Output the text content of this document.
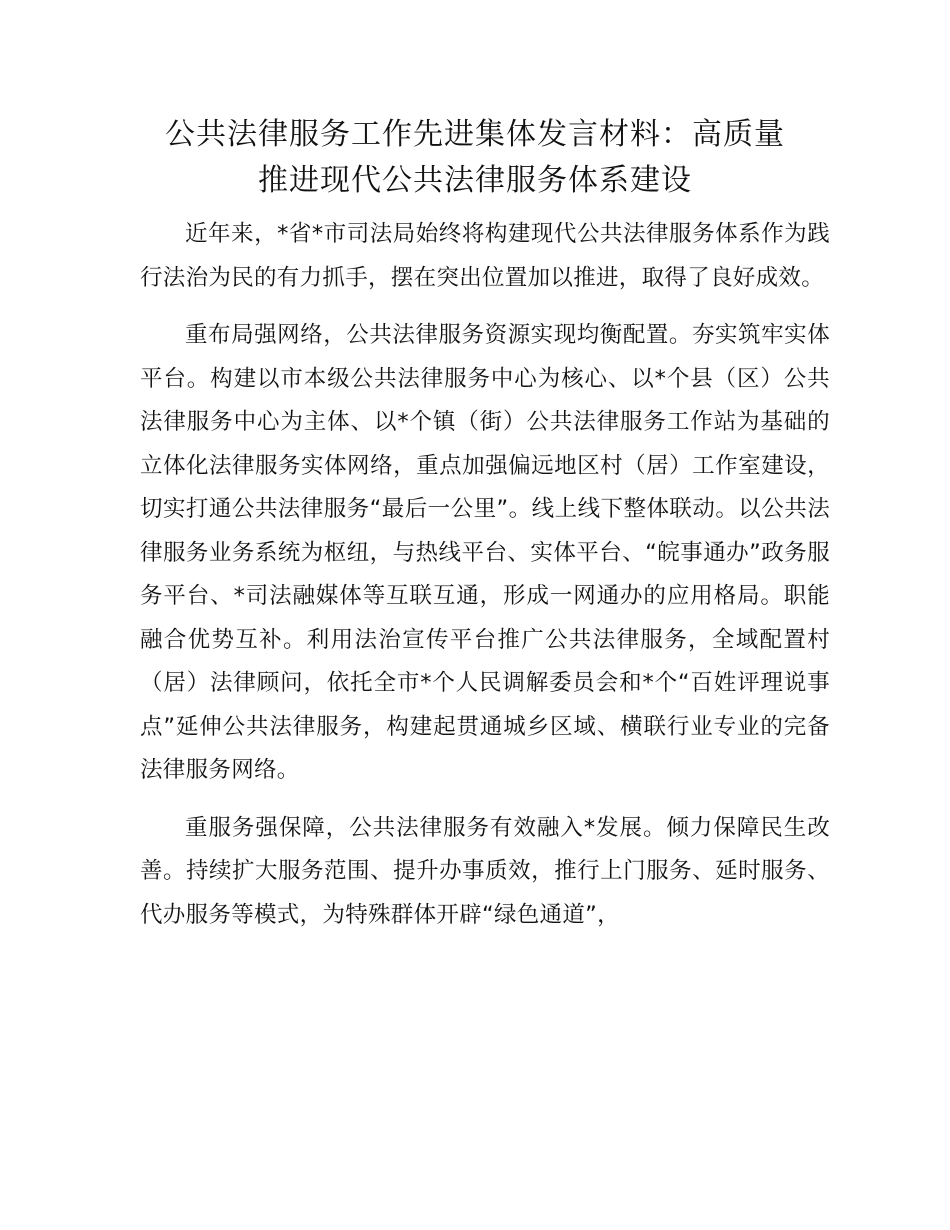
公共法律服务工作先进集体发言材料：高质量
推进现代公共法律服务体系建设

近年来，*省*市司法局始终将构建现代公共法律服务体系作为践行法治为民的有力抓手，摆在突出位置加以推进，取得了良好成效。

重布局强网络，公共法律服务资源实现均衡配置。夯实筑牢实体平台。构建以市本级公共法律服务中心为核心、以*个县（区）公共法律服务中心为主体、以*个镇（街）公共法律服务工作站为基础的立体化法律服务实体网络，重点加强偏远地区村（居）工作室建设，切实打通公共法律服务“最后一公里”。线上线下整体联动。以公共法律服务业务系统为枢纽，与热线平台、实体平台、“皖事通办”政务服务平台、*司法融媒体等互联互通，形成一网通办的应用格局。职能融合优势互补。利用法治宣传平台推广公共法律服务，全域配置村（居）法律顾问，依托全市*个人民调解委员会和*个“百姓评理说事点”延伸公共法律服务，构建起贯通城乡区域、横联行业专业的完备法律服务网络。

重服务强保障，公共法律服务有效融入*发展。倾力保障民生改善。持续扩大服务范围、提升办事质效，推行上门服务、延时服务、代办服务等模式，为特殊群体开辟“绿色通道”，
